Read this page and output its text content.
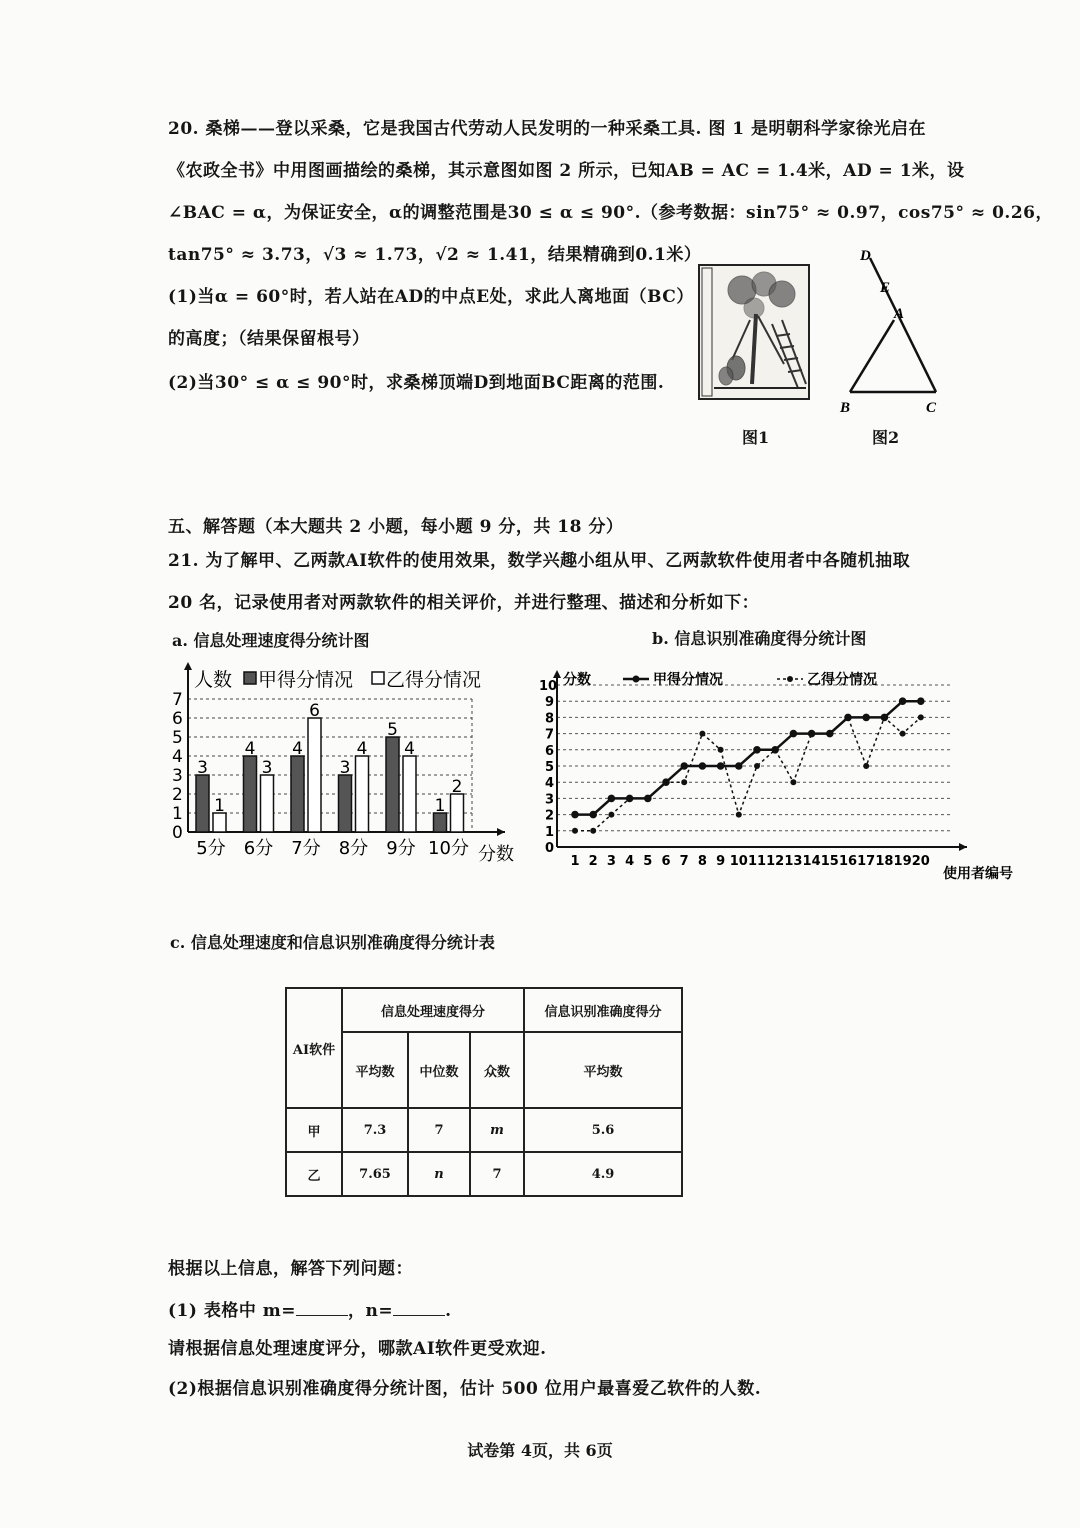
20. 桑梯——登以采桑，它是我国古代劳动人民发明的一种采桑工具. 图 1 是明朝科学家徐光启在
《农政全书》中用图画描绘的桑梯，其示意图如图 2 所示，已知AB = AC = 1.4米，AD = 1米，设
∠BAC = α，为保证安全，α的调整范围是30 ≤ α ≤ 90°.（参考数据：sin75° ≈ 0.97，cos75° ≈ 0.26，
tan75° ≈ 3.73，√3 ≈ 1.73，√2 ≈ 1.41，结果精确到0.1米）
(1)当α = 60°时，若人站在AD的中点E处，求此人离地面（BC）
的高度；（结果保留根号）
(2)当30° ≤ α ≤ 90°时，求桑梯顶端D到地面BC距离的范围.
图1
D
E
A
B	C
图2
五、解答题（本大题共 2 小题，每小题 9 分，共 18 分）
21. 为了解甲、乙两款AI软件的使用效果，数学兴趣小组从甲、乙两款软件使用者中各随机抽取
20 名，记录使用者对两款软件的相关评价，并进行整理、描述和分析如下：
a. 信息处理速度得分统计图	b. 信息识别准确度得分统计图
0
1
2
3
4
5
6
7
人数 甲得分情况 乙得分情况
3
1
5分
4
3
6分
4
6
7分
3
4
8分
5
4
9分
1
2
10分 分数 0
1
2
3
4
5
6
7
8
9
10
1 2 3 4 5 6 7 8 9 10 11 12 13 14 15 16 17 18 19 20
分数
使用者编号
甲得分情况	乙得分情况
c. 信息处理速度和信息识别准确度得分统计表
AI软件	信息处理速度得分			信息识别准确度得分
	平均数	中位数	众数	平均数
甲	7.3	7	m	5.6
乙	7.65	n	7	4.9
根据以上信息，解答下列问题：
(1) 表格中 m=	，n=	.
请根据信息处理速度评分，哪款AI软件更受欢迎.
(2)根据信息识别准确度得分统计图，估计 500 位用户最喜爱乙软件的人数.
试卷第 4页，共 6页
